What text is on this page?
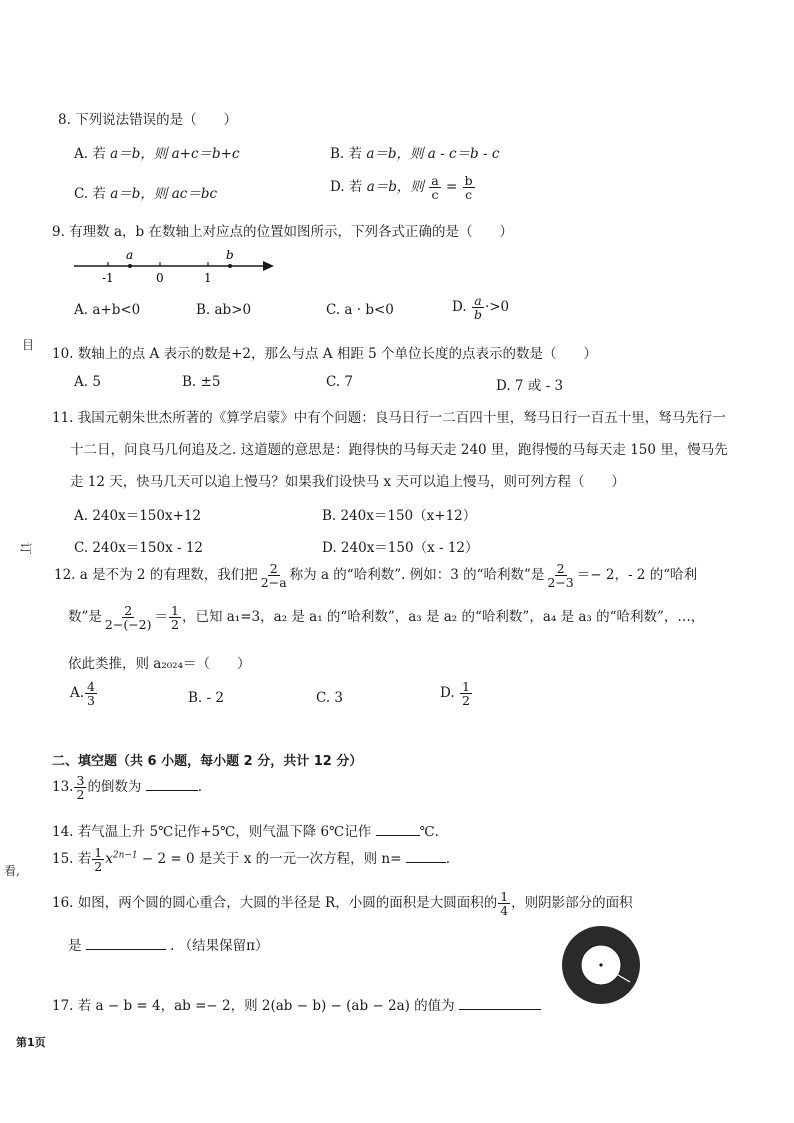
目
订
看,
8. 下列说法错误的是（　　）
A. 若 a＝b，则 a+c＝b+c	B. 若 a＝b，则 a - c＝b - c
C. 若 a＝b，则 ac＝bc	D. 若 a＝b，则 $\frac{a}{c} = \frac{b}{c}$
9. 有理数 a，b 在数轴上对应点的位置如图所示，下列各式正确的是（　　）
-1	0	1
a	b
A. a+b<0	B. ab>0	C. a · b<0	D. $\frac{a}{b} \cdot>0$
10. 数轴上的点 A 表示的数是+2，那么与点 A 相距 5 个单位长度的点表示的数是（　　）
A. 5	B. ±5	C. 7	D. 7 或 - 3
11. 我国元朝朱世杰所著的《算学启蒙》中有个问题：良马日行一二百四十里，驽马日行一百五十里，驽马先行一
十二日，问良马几何追及之. 这道题的意思是：跑得快的马每天走 240 里，跑得慢的马每天走 150 里，慢马先
走 12 天，快马几天可以追上慢马？如果我们设快马 x 天可以追上慢马，则可列方程（　　）
A. 240x＝150x+12	B. 240x＝150（x+12）
C. 240x＝150x - 12	D. 240x＝150（x - 12）
12. a 是不为 2 的有理数，我们把 $\frac{2}{2-a}$ 称为 a 的“哈利数”. 例如：3 的“哈利数”是 $\frac{2}{2-3} =- 2$，- 2 的“哈利
数”是 $\frac{2}{2-(-2)} = \frac{1}{2}$ ，已知 a₁=3，a₂ 是 a₁ 的“哈利数”，a₃ 是 a₂ 的“哈利数”，a₄ 是 a₃ 的“哈利数”，…，
依此类推，则 a₂₀₂₄＝（　　）
A. $\frac{4}{3}$	B. - 2	C. 3	D. $\frac{1}{2}$
二、填空题（共 6 小题，每小题 2 分，共计 12 分）
13. $\frac{3}{2}$ 的倒数为	.
14. 若气温上升 5℃记作+5℃，则气温下降 6℃记作	℃.
15. 若 $\frac{1}{2} x^{2n-1} - 2 = 0$ 是关于 x 的一元一次方程，则 n=	.
16. 如图，两个圆的圆心重合，大圆的半径是 R，小圆的面积是大圆面积的 $\frac{1}{4}$ ，则阴影部分的面积
是	. （结果保留π）
17. 若 a − b = 4，ab =− 2，则 2(ab − b) − (ab − 2a) 的值为
第1页
